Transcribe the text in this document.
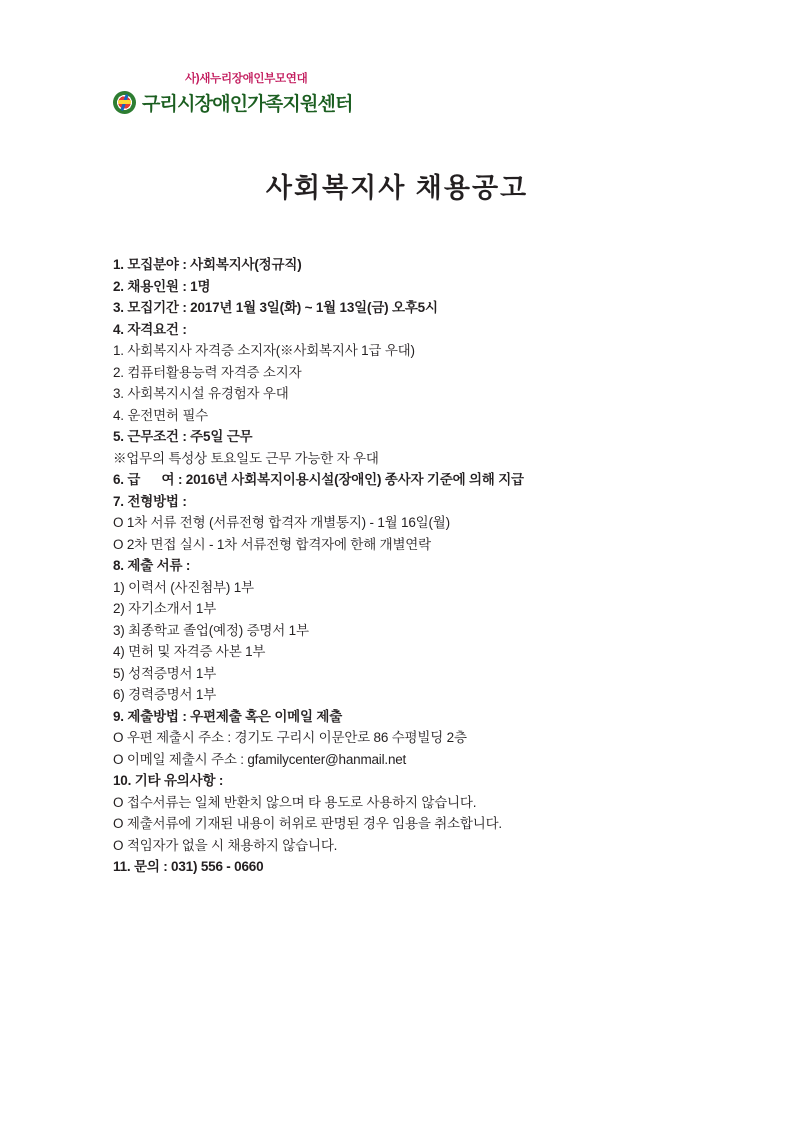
사)새누리장애인부모연대
구리시장애인가족지원센터
사회복지사 채용공고
1. 모집분야 : 사회복지사(정규직)
2. 채용인원 : 1명
3. 모집기간 : 2017년 1월 3일(화) ~ 1월 13일(금) 오후5시
4. 자격요건 :
1. 사회복지사 자격증 소지자(※사회복지사 1급 우대)
2. 컴퓨터활용능력 자격증 소지자
3. 사회복지시설 유경험자 우대
4. 운전면허 필수
5. 근무조건 : 주5일 근무
※업무의 특성상 토요일도 근무 가능한 자 우대
6. 급      여 : 2016년 사회복지이용시설(장애인) 종사자 기준에 의해 지급
7. 전형방법 :
О 1차 서류 전형 (서류전형 합격자 개별통지) - 1월 16일(월)
О 2차 면접 실시 - 1차 서류전형 합격자에 한해 개별연락
8. 제출 서류 :
1) 이력서 (사진첨부) 1부
2) 자기소개서 1부
3) 최종학교 졸업(예정) 증명서 1부
4) 면허 및 자격증 사본 1부
5) 성적증명서 1부
6) 경력증명서 1부
9. 제출방법 : 우편제출 혹은 이메일 제출
О 우편 제출시 주소 : 경기도 구리시 이문안로 86 수평빌딩 2층
О 이메일 제출시 주소 : gfamilycenter@hanmail.net
10. 기타 유의사항 :
О 접수서류는 일체 반환치 않으며 타 용도로 사용하지 않습니다.
О 제출서류에 기재된 내용이 허위로 판명된 경우 임용을 취소합니다.
О 적임자가 없을 시 채용하지 않습니다.
11. 문의 : 031) 556 - 0660
